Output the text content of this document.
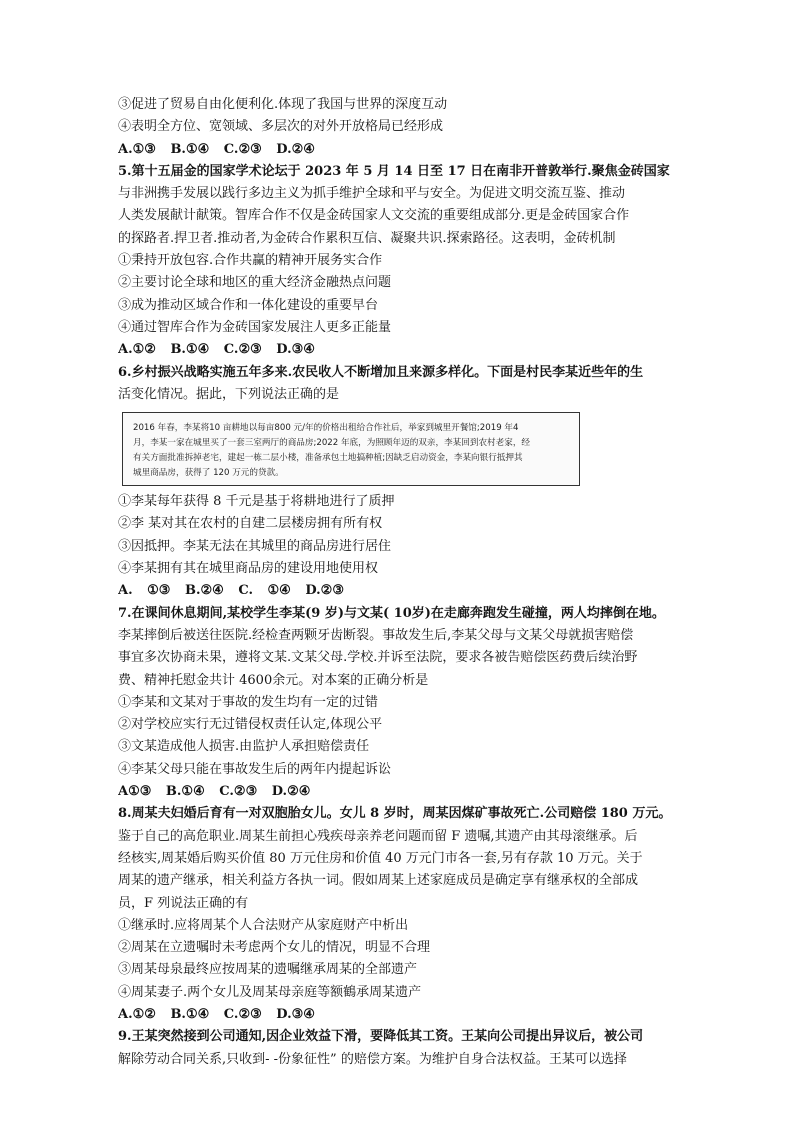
③促进了贸易自由化便利化.体现了我国与世界的深度互动
④表明全方位、宽领域、多层次的对外开放格局已经形成
A.①③ B.①④ C.②③ D.②④
5.第十五届金的国家学术论坛于 2023 年 5 月 14 日至 17 日在南非开普敦举行.聚焦金砖国家
与非洲携手发展以践行多边主义为抓手维护全球和平与安全。为促进文明交流互鉴、推动
人类发展献计献策。智库合作不仅是金砖国家人文交流的重要组成部分.更是金砖国家合作
的探路者.捍卫者.推动者,为金砖合作累积互信、凝聚共识.探索路径。这表明，金砖机制
①秉持开放包容.合作共赢的精神开展务实合作
②主要讨论全球和地区的重大经济金融热点问题
③成为推动区域合作和一体化建设的重要早台
④通过智库合作为金砖国家发展注人更多正能量
A.①② B.①④ C.②③ D.③④
6.乡村振兴战略实施五年多来.农民收人不断增加且来源多样化。下面是村民李某近些年的生
活变化情况。据此，下列说法正确的是
2016 年春，李某将10 亩耕地以每亩800 元/年的价格出租给合作社后，举家到城里开餐馆;2019 年4
月，李某一家在城里买了一套三室两厅的商品房;2022 年底，为照顾年迈的双亲，李某回到农村老家，经
有关方面批准拆掉老宅，建起一栋二层小楼，准备承包土地搞种植;因缺乏启动资金，李某向银行抵押其
城里商品房，获得了 120 万元的贷款。
①李某每年获得 8 千元是基于将耕地进行了质押
②李 某对其在农村的自建二层楼房拥有所有权
③因抵押。李某无法在其城里的商品房进行居住
④李某拥有其在城里商品房的建设用地使用权
A. ①③ B.②④ C. ①④ D.②③
7.在课间休息期间,某校学生李某(9 岁)与文某( 10岁)在走廊奔跑发生碰撞，两人均摔倒在地。
李某摔倒后被送往医院.经检查两颗牙齿断裂。事故发生后,李某父母与文某父母就损害赔偿
事宜多次协商未果，遵将文某.文某父母.学校.并诉至法院，要求各被告赔偿医药费后续治野
费、精神托慰金共计 4600余元。对本案的正确分析是
①李某和文某对于事故的发生均有一定的过错
②对学校应实行无过错侵权责任认定,体现公平
③文某造成他人损害.由监护人承担赔偿责任
④李某父母只能在事故发生后的两年内提起诉讼
A①③ B.①④ C.②③ D.②④
8.周某夫妇婚后育有一对双胞胎女儿。女儿 8 岁时，周某因煤矿事故死亡.公司赔偿 180 万元。
鉴于自己的高危职业.周某生前担心残疾母亲养老问题而留 F 遗嘱,其遗产由其母滚继承。后
经核实,周某婚后购买价值 80 万元住房和价值 40 万元门市各一套,另有存款 10 万元。关于
周某的遗产继承，相关利益方各执一词。假如周某上述家庭成员是确定享有继承权的全部成
员，F 列说法正确的有
①继承时.应将周某个人合法财产从家庭财产中析出
②周某在立遗嘱时未考虑两个女儿的情况，明显不合理
③周某母泉最终应按周某的遗嘱继承周某的全部遗产
④周某妻子.两个女儿及周某母亲庭等额鶴承周某遗产
A.①② B.①④ C.②③ D.③④
9.王某突然接到公司通知,因企业效益下滑，要降低其工资。王某向公司提出异议后，被公司
解除劳动合同关系,只收到- -份象征性” 的赔偿方案。为维护自身合法权益。王某可以选择
